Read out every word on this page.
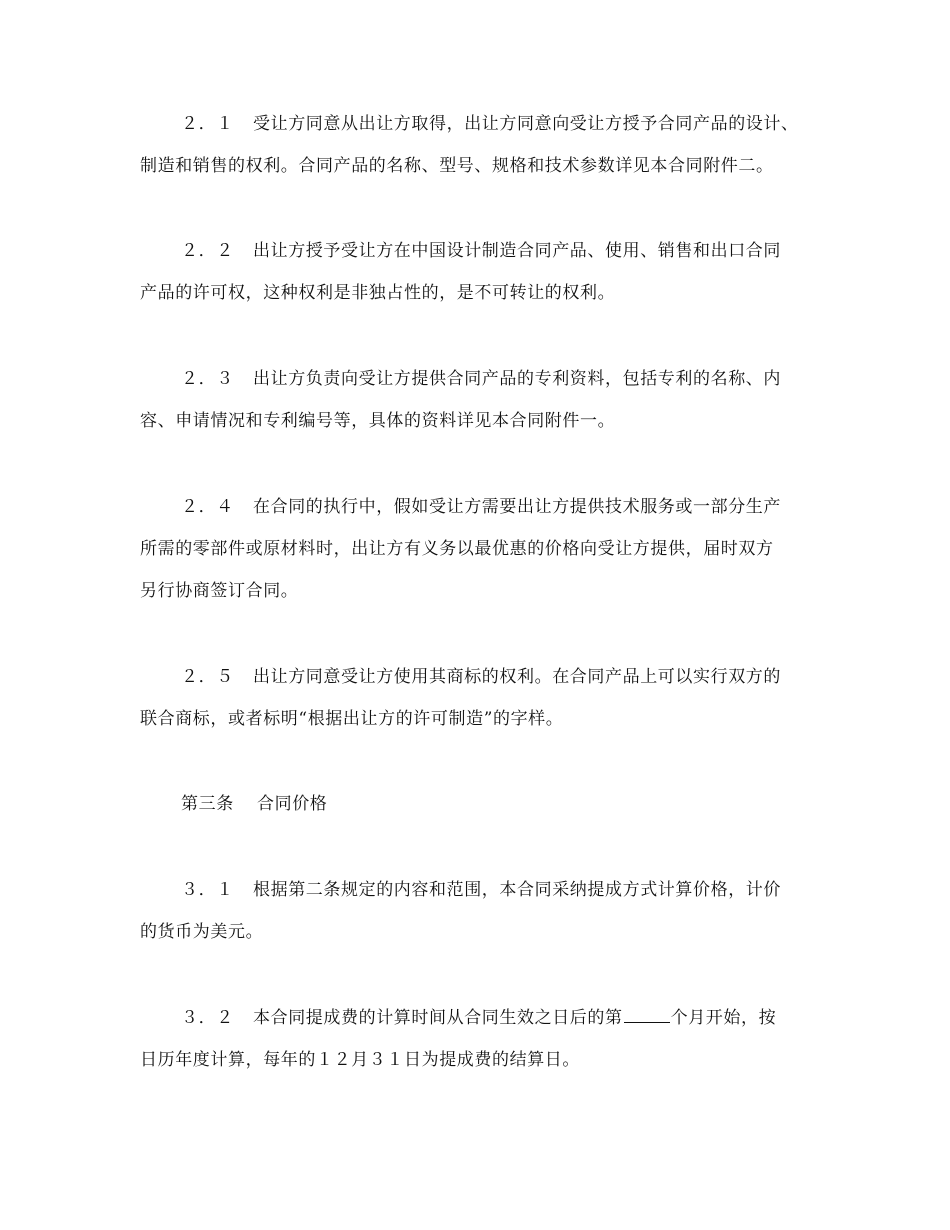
２．１ 受让方同意从出让方取得，出让方同意向受让方授予合同产品的设计、
制造和销售的权利。合同产品的名称、型号、规格和技术参数详见本合同附件二。
２．２ 出让方授予受让方在中国设计制造合同产品、使用、销售和出口合同
产品的许可权，这种权利是非独占性的，是不可转让的权利。
２．３ 出让方负责向受让方提供合同产品的专利资料，包括专利的名称、内
容、申请情况和专利编号等，具体的资料详见本合同附件一。
２．４ 在合同的执行中，假如受让方需要出让方提供技术服务或一部分生产
所需的零部件或原材料时，出让方有义务以最优惠的价格向受让方提供，届时双方
另行协商签订合同。
２．５ 出让方同意受让方使用其商标的权利。在合同产品上可以实行双方的
联合商标，或者标明“根据出让方的许可制造”的字样。
第三条 合同价格
３．１ 根据第二条规定的内容和范围，本合同采纳提成方式计算价格，计价
的货币为美元。
３．２ 本合同提成费的计算时间从合同生效之日后的第	个月开始，按
日历年度计算，每年的１２月３１日为提成费的结算日。
